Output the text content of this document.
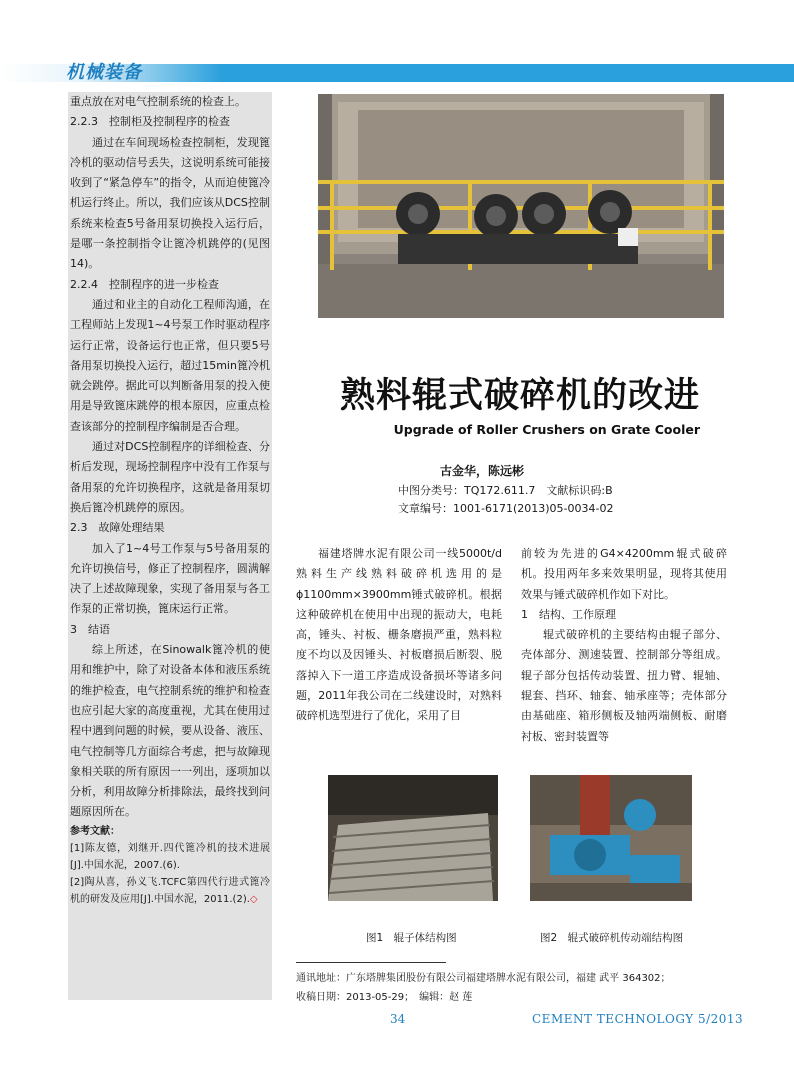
机械装备

重点放在对电气控制系统的检查上。

2.2.3　控制柜及控制程序的检查

通过在车间现场检查控制柜，发现篦冷机的驱动信号丢失，这说明系统可能接收到了“紧急停车”的指令，从而迫使篦冷机运行终止。所以，我们应该从DCS控制系统来检查5号备用泵切换投入运行后，是哪一条控制指令让篦冷机跳停的(见图14)。

2.2.4　控制程序的进一步检查

通过和业主的自动化工程师沟通，在工程师站上发现1~4号泵工作时驱动程序运行正常，设备运行也正常，但只要5号备用泵切换投入运行，超过15min篦冷机就会跳停。据此可以判断备用泵的投入使用是导致篦床跳停的根本原因，应重点检查该部分的控制程序编制是否合理。

通过对DCS控制程序的详细检查、分析后发现，现场控制程序中没有工作泵与备用泵的允许切换程序，这就是备用泵切换后篦冷机跳停的原因。

2.3　故障处理结果

加入了1~4号工作泵与5号备用泵的允许切换信号，修正了控制程序，圆满解决了上述故障现象，实现了备用泵与各工作泵的正常切换，篦床运行正常。

3　结语

综上所述，在Sinowalk篦冷机的使用和维护中，除了对设备本体和液压系统的维护检查，电气控制系统的维护和检查也应引起大家的高度重视，尤其在使用过程中遇到问题的时候，要从设备、液压、电气控制等几方面综合考虑，把与故障现象相关联的所有原因一一列出，逐项加以分析，利用故障分析排除法，最终找到问题原因所在。

参考文献：

[1]陈友德，刘继开.四代篦冷机的技术进展[J].中国水泥，2007.(6).

[2]陶从喜，孙义飞.TCFC第四代行进式篦冷机的研发及应用[J].中国水泥，2011.(2).◇

熟料辊式破碎机的改进
Upgrade of Roller Crushers on Grate Cooler
古金华，陈远彬
中图分类号：TQ172.611.7　文献标识码:B
文章编号：1001-6171(2013)05-0034-02

福建塔牌水泥有限公司一线5000t/d熟料生产线熟料破碎机选用的是ϕ1100mm×3900mm锤式破碎机。根据这种破碎机在使用中出现的振动大，电耗高，锤头、衬板、栅条磨损严重，熟料粒度不均以及因锤头、衬板磨损后断裂、脱落掉入下一道工序造成设备损坏等诸多问题，2011年我公司在二线建设时，对熟料破碎机选型进行了优化，采用了目

前较为先进的G4×4200mm辊式破碎机。投用两年多来效果明显，现将其使用效果与锤式破碎机作如下对比。

1　结构、工作原理

辊式破碎机的主要结构由辊子部分、壳体部分、测速装置、控制部分等组成。辊子部分包括传动装置、扭力臂、辊轴、辊套、挡环、轴套、轴承座等；壳体部分由基础座、箱形侧板及轴两端侧板、耐磨衬板、密封装置等

图1　辊子体结构图	图2　辊式破碎机传动端结构图
通讯地址：广东塔牌集团股份有限公司福建塔牌水泥有限公司，福建 武平 364302；
收稿日期：2013-05-29；　编辑：赵 莲
34	CEMENT TECHNOLOGY 5/2013
